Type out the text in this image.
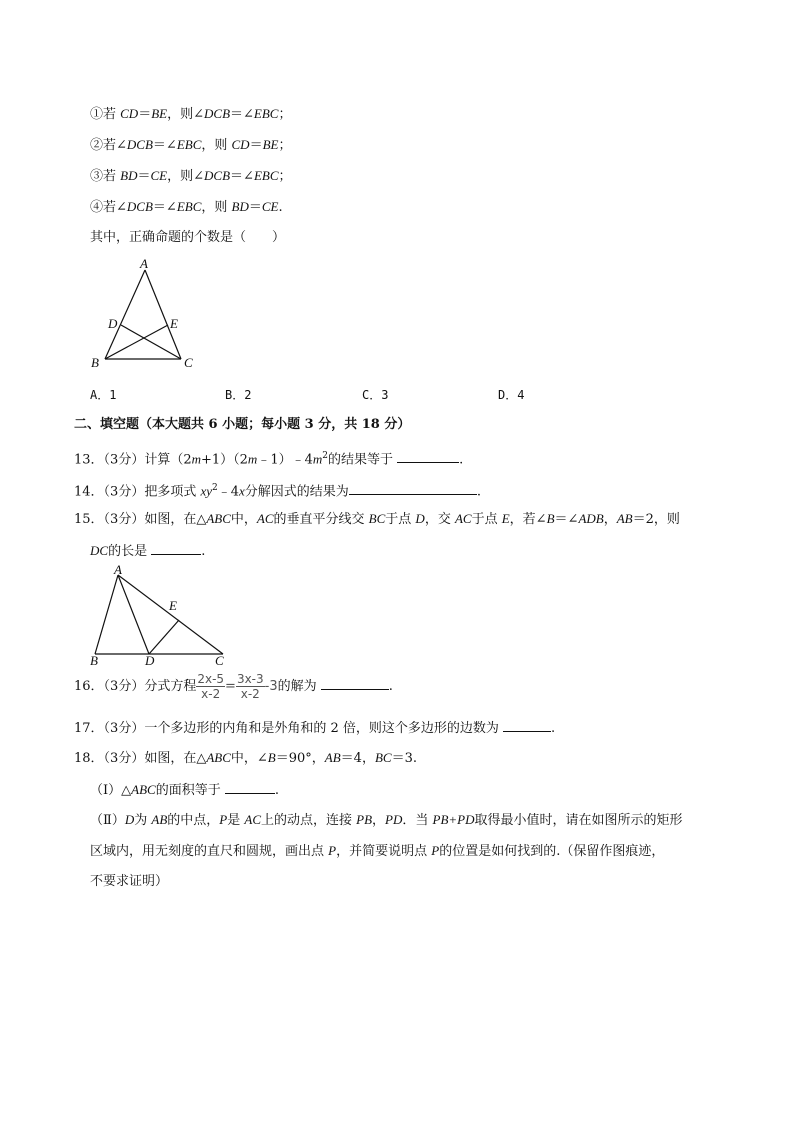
①若 CD＝BE，则∠DCB＝∠EBC；
②若∠DCB＝∠EBC，则 CD＝BE；
③若 BD＝CE，则∠DCB＝∠EBC；
④若∠DCB＝∠EBC，则 BD＝CE.
其中，正确命题的个数是（　　）
A
B	C
D	E
A．1	B．2	C．3	D．4
二、填空题（本大题共 6 小题；每小题 3 分，共 18 分）
13．（3分）计算$(2m+1)(2m﹣1)﹣4m^2$的结果等于	.
14．（3分）把多项式 $xy^2﹣4x$分解因式的结果为	.
15．（3分）如图，在△ABC中，AC的垂直平分线交 BC于点 D，交 AC于点 E，若∠B＝∠ADB，AB＝2，则
DC的长是	.
A
B	C
D
E
16．（3分）分式方程 $\frac{2x-5}{x-2} = \frac{3x-3}{x-2} -3$的解为	.
17．（3分）一个多边形的内角和是外角和的 2 倍，则这个多边形的边数为	.
18．（3分）如图，在△ABC中，∠B＝90°，AB＝4，BC＝3.
（Ⅰ）△ABC的面积等于	.
（Ⅱ）D为 AB的中点，P是 AC上的动点，连接 PB，PD．当 PB+PD取得最小值时，请在如图所示的矩形
区域内，用无刻度的直尺和圆规，画出点 P，并简要说明点 P的位置是如何找到的.（保留作图痕迹，
不要求证明）
